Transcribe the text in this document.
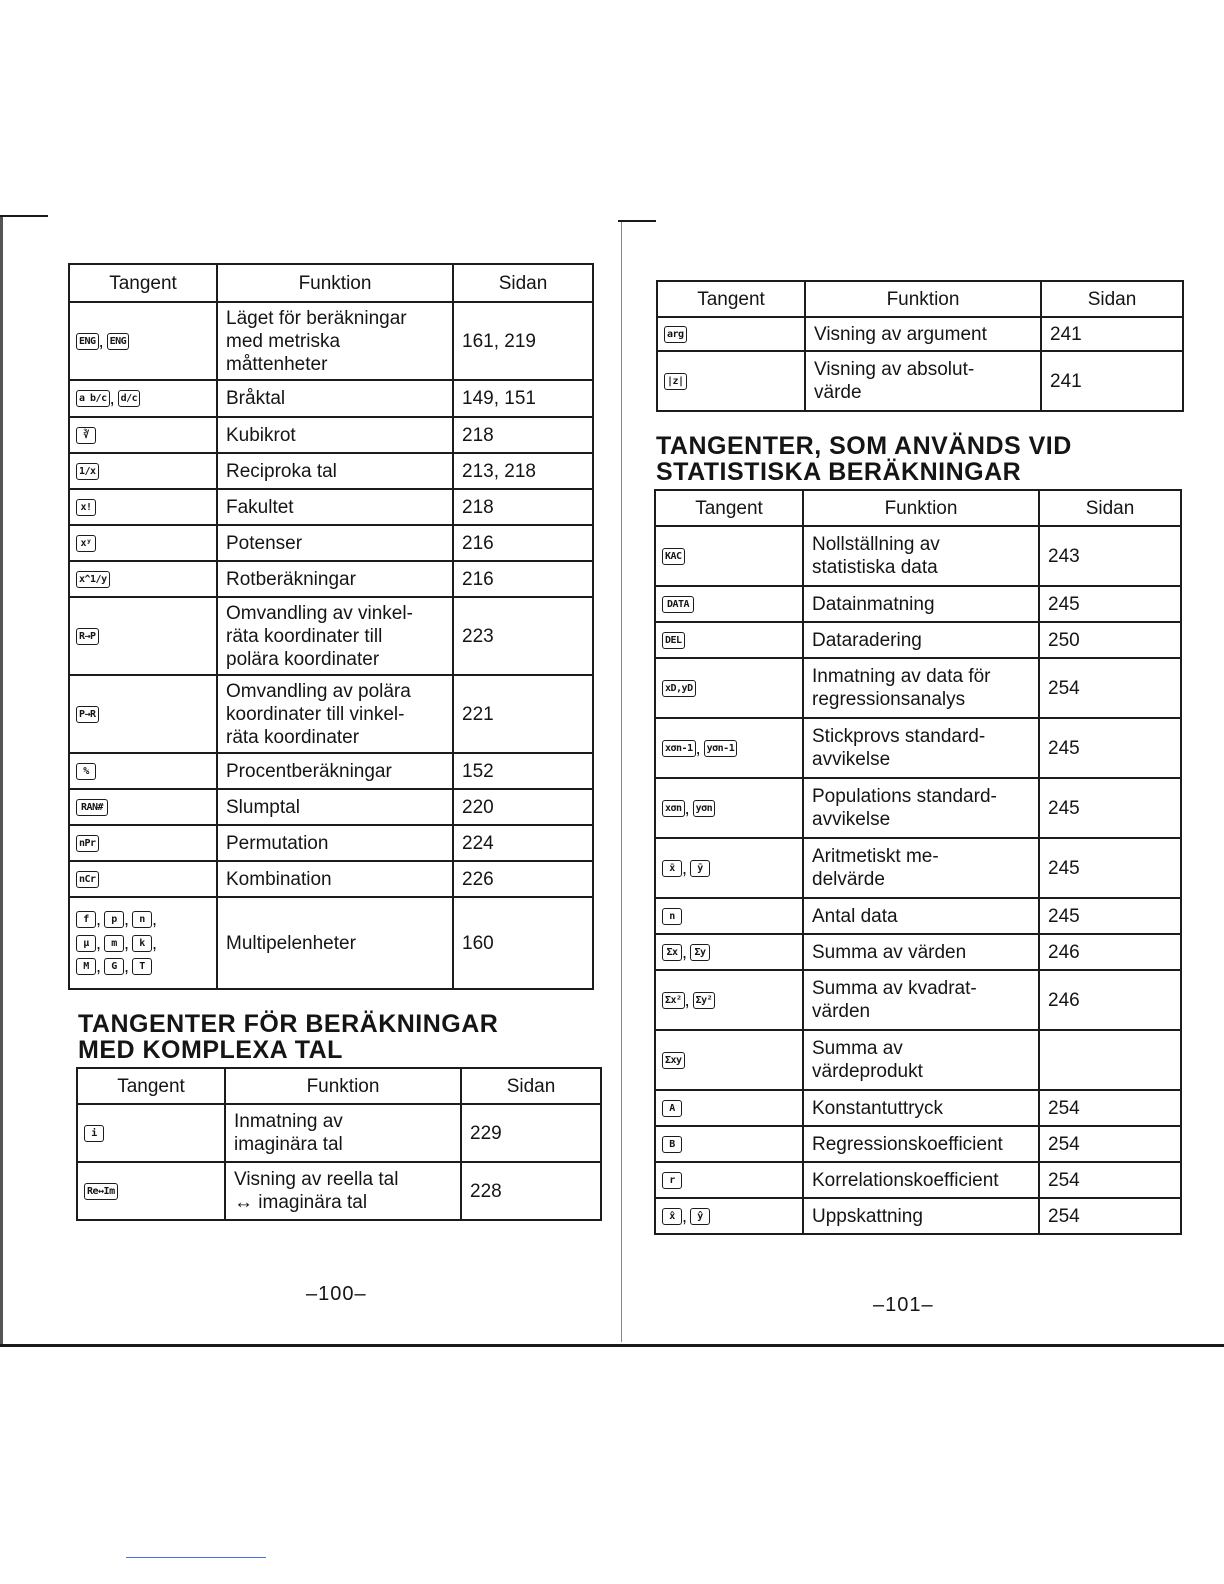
Tangent	Funktion	Sidan
ENG , ENG	Läget för beräkningar
med metriska
måttenheter	161, 219
a b/c , d/c	Bråktal	149, 151
∛	Kubikrot	218
1/x	Reciproka tal	213, 218
x!	Fakultet	218
xʸ	Potenser	216
x^1/y	Rotberäkningar	216
R→P	Omvandling av vinkel-
räta koordinater till
polära koordinater	223
P→R	Omvandling av polära
koordinater till vinkel-
räta koordinater	221
%	Procentberäkningar	152
RAN#	Slumptal	220
nPr	Permutation	224
nCr	Kombination	226
f , p , n ,
μ , m , k ,
M , G , T	Multipelenheter	160
TANGENTER FÖR BERÄKNINGAR
MED KOMPLEXA TAL
Tangent	Funktion	Sidan
i	Inmatning av
imaginära tal	229
Re↔Im	Visning av reella tal
↔ imaginära tal	228
–100–
Tangent	Funktion	Sidan
arg	Visning av argument	241
|z|	Visning av absolut-
värde	241
TANGENTER, SOM ANVÄNDS VID
STATISTISKA BERÄKNINGAR
Tangent	Funktion	Sidan
KAC	Nollställning av
statistiska data	243
DATA	Datainmatning	245
DEL	Dataradering	250
xD,yD	Inmatning av data för
regressionsanalys	254
xσn-1 , yσn-1	Stickprovs standard-
avvikelse	245
xσn , yσn	Populations standard-
avvikelse	245
x̄ , ȳ	Aritmetiskt me-
delvärde	245
n	Antal data	245
Σx , Σy	Summa av värden	246
Σx² , Σy²	Summa av kvadrat-
värden	246
Σxy	Summa av
värdeprodukt	
A	Konstantuttryck	254
B	Regressionskoefficient	254
r	Korrelationskoefficient	254
x̂ , ŷ	Uppskattning	254
–101–
